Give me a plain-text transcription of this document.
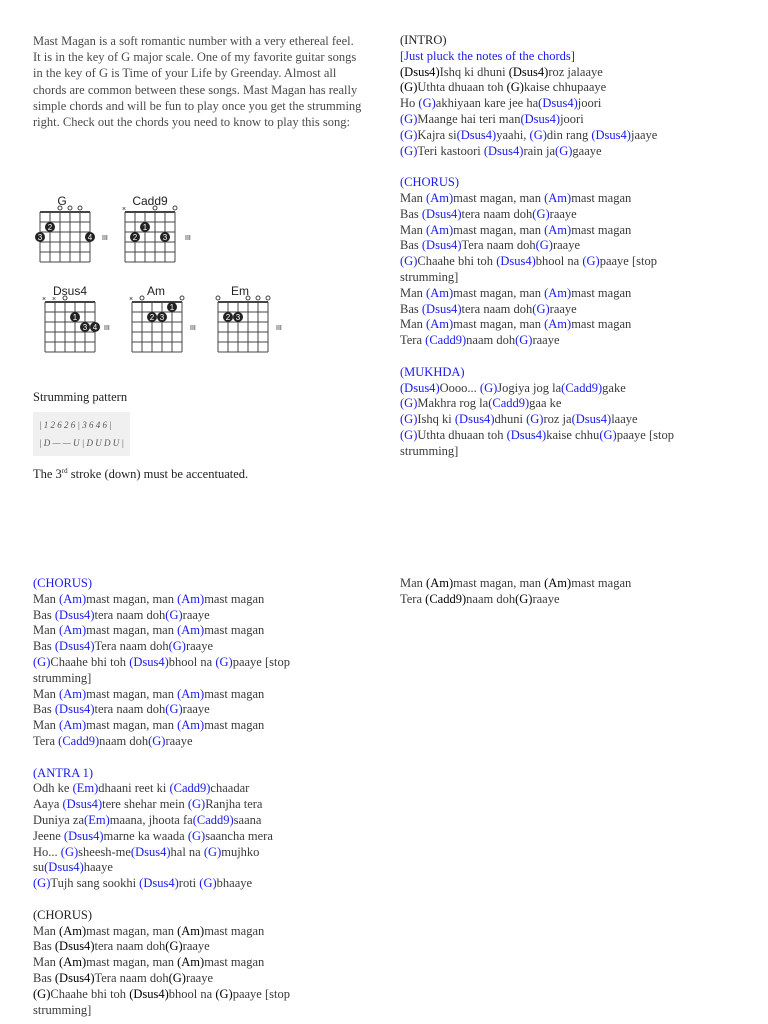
Mast Magan is a soft romantic number with a very ethereal feel. It is in the key of G major scale. One of my favorite guitar songs in the key of G is Time of your Life by Greenday. Almost all chords are common between these songs. Mast Magan has really simple chords and will be fun to play once you get the strumming right. Check out the chords you need to know to play this song:
G
2
3	4 III
Cadd9
×
1
2	3	III
Dsus4
× ×
1
3 4 III
Am
×
1
2 3
III
Em
2 3
III
Strumming pattern
| 1 2 6 2 6 | 3 6 4 6 |
| D — — U | D U D U |
The 3rd stroke (down) must be accentuated.
(INTRO)
[Just pluck the notes of the chords]
(Dsus4)Ishq ki dhuni (Dsus4)roz jalaaye
(G)Uthta dhuaan toh (G)kaise chhupaaye
Ho (G)akhiyaan kare jee ha(Dsus4)joori
(G)Maange hai teri man(Dsus4)joori
(G)Kajra si(Dsus4)yaahi, (G)din rang (Dsus4)jaaye
(G)Teri kastoori (Dsus4)rain ja(G)gaaye
(CHORUS)
Man (Am)mast magan, man (Am)mast magan
Bas (Dsus4)tera naam doh(G)raaye
Man (Am)mast magan, man (Am)mast magan
Bas (Dsus4)Tera naam doh(G)raaye
(G)Chaahe bhi toh (Dsus4)bhool na (G)paaye [stop
strumming]
Man (Am)mast magan, man (Am)mast magan
Bas (Dsus4)tera naam doh(G)raaye
Man (Am)mast magan, man (Am)mast magan
Tera (Cadd9)naam doh(G)raaye
(MUKHDA)
(Dsus4)Oooo... (G)Jogiya jog la(Cadd9)gake
(G)Makhra rog la(Cadd9)gaa ke
(G)Ishq ki (Dsus4)dhuni (G)roz ja(Dsus4)laaye
(G)Uthta dhuaan toh (Dsus4)kaise chhu(G)paaye [stop
strumming]
(CHORUS)
Man (Am)mast magan, man (Am)mast magan
Bas (Dsus4)tera naam doh(G)raaye
Man (Am)mast magan, man (Am)mast magan
Bas (Dsus4)Tera naam doh(G)raaye
(G)Chaahe bhi toh (Dsus4)bhool na (G)paaye [stop
strumming]
Man (Am)mast magan, man (Am)mast magan
Bas (Dsus4)tera naam doh(G)raaye
Man (Am)mast magan, man (Am)mast magan
Tera (Cadd9)naam doh(G)raaye
(ANTRA 1)
Odh ke (Em)dhaani reet ki (Cadd9)chaadar
Aaya (Dsus4)tere shehar mein (G)Ranjha tera
Duniya za(Em)maana, jhoota fa(Cadd9)saana
Jeene (Dsus4)marne ka waada (G)saancha mera
Ho... (G)sheesh-me(Dsus4)hal na (G)mujhko
su(Dsus4)haaye
(G)Tujh sang sookhi (Dsus4)roti (G)bhaaye
(CHORUS)
Man (Am)mast magan, man (Am)mast magan
Bas (Dsus4)tera naam doh(G)raaye
Man (Am)mast magan, man (Am)mast magan
Bas (Dsus4)Tera naam doh(G)raaye
(G)Chaahe bhi toh (Dsus4)bhool na (G)paaye [stop
strumming]
Man (Am)mast magan, man (Am)mast magan
Tera (Cadd9)naam doh(G)raaye
